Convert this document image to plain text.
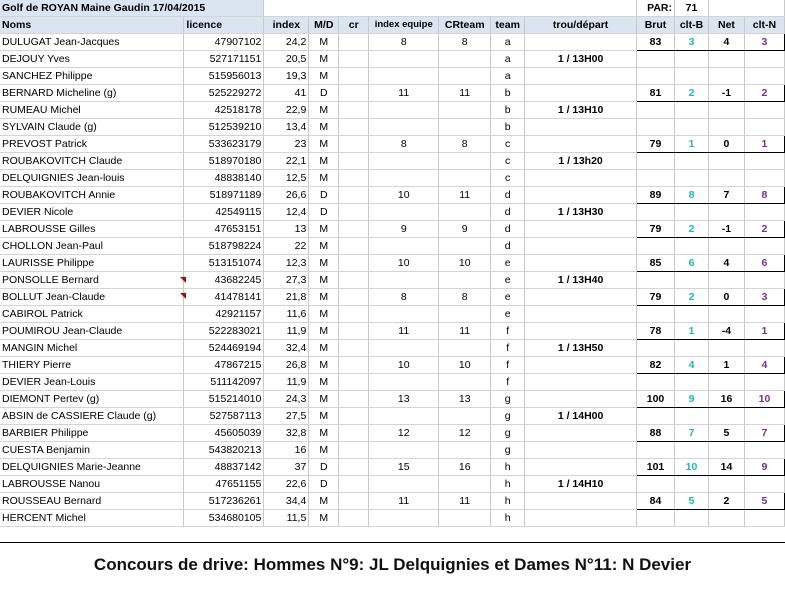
Golf de ROYAN Maine Gaudin 17/04/2015									PAR:	71		
Noms	licence	index	M/D	cr	index equipe	CRteam	team	trou/départ	Brut	clt-B	Net	clt-N
DULUGAT Jean-Jacques	47907102	24,2	M		8	8	a		83	3	4	3
DEJOUY Yves	527171151	20,5	M				a	1 / 13H00				
SANCHEZ Philippe	515956013	19,3	M				a					
BERNARD Micheline (g)	525229272	41	D		11	11	b		81	2	-1	2
RUMEAU Michel	42518178	22,9	M				b	1 / 13H10				
SYLVAIN Claude (g)	512539210	13,4	M				b					
PREVOST Patrick	533623179	23	M		8	8	c		79	1	0	1
ROUBAKOVITCH Claude	518970180	22,1	M				c	1 / 13h20				
DELQUIGNIES Jean-louis	48838140	12,5	M				c					
ROUBAKOVITCH Annie	518971189	26,6	D		10	11	d		89	8	7	8
DEVIER Nicole	42549115	12,4	D				d	1 / 13H30				
LABROUSSE Gilles	47653151	13	M		9	9	d		79	2	-1	2
CHOLLON Jean-Paul	518798224	22	M				d					
LAURISSE Philippe	513151074	12,3	M		10	10	e		85	6	4	6
PONSOLLE Bernard	43682245	27,3	M				e	1 / 13H40				
BOLLUT Jean-Claude	41478141	21,8	M		8	8	e		79	2	0	3
CABIROL Patrick	42921157	11,6	M				e					
POUMIROU Jean-Claude	522283021	11,9	M		11	11	f		78	1	-4	1
MANGIN Michel	524469194	32,4	M				f	1 / 13H50				
THIERY Pierre	47867215	26,8	M		10	10	f		82	4	1	4
DEVIER Jean-Louis	511142097	11,9	M				f					
DIEMONT Pertev (g)	515214010	24,3	M		13	13	g		100	9	16	10
ABSIN de CASSIERE Claude (g)	527587113	27,5	M				g	1 / 14H00				
BARBIER Philippe	45605039	32,8	M		12	12	g		88	7	5	7
CUESTA Benjamin	543820213	16	M				g					
DELQUIGNIES Marie-Jeanne	48837142	37	D		15	16	h		101	10	14	9
LABROUSSE Nanou	47651155	22,6	D				h	1 / 14H10				
ROUSSEAU Bernard	517236261	34,4	M		11	11	h		84	5	2	5
HERCENT Michel	534680105	11,5	M				h					
Concours de drive: Hommes N°9: JL Delquignies et Dames N°11: N Devier
